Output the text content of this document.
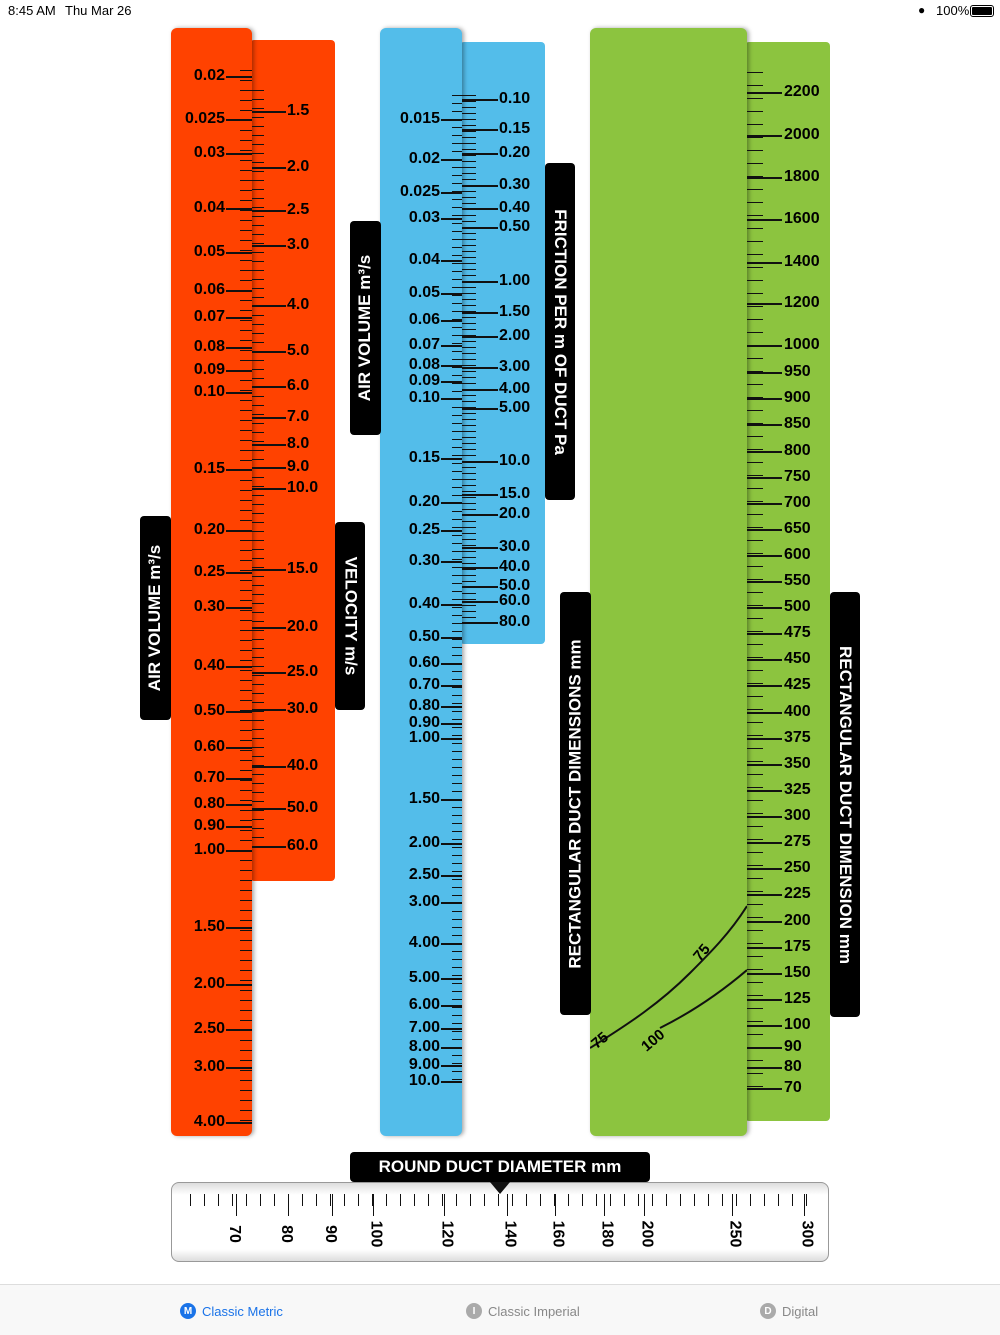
8:45 AM Thu Mar 26	● 100%
75
75
100
AIR VOLUME m³/s	VELOCITY m/s
AIR VOLUME m³/s	FRICTION PER m OF DUCT Pa
RECTANGULAR DUCT DIMENSIONS mm	RECTANGULAR DUCT DIMENSION mm
ROUND DUCT DIAMETER mm
0.02
0.025
0.03
0.04
0.05
0.06
0.07
0.08
0.09
0.10
0.15
0.20
0.25
0.30
0.40
0.50
0.60
0.70
0.80
0.90
1.00
1.50
2.00
2.50
3.00
4.00
1.5
2.0
2.5
3.0
4.0
5.0
6.0
7.0
8.0
9.0
10.0
15.0
20.0
25.0
30.0
40.0
50.0
60.0
0.015
0.02
0.025
0.03
0.04
0.05
0.06
0.07
0.08
0.09
0.10
0.15
0.20
0.25
0.30
0.40
0.50
0.60
0.70
0.80
0.90
1.00
1.50
2.00
2.50
3.00
4.00
5.00
6.00
7.00
8.00
9.00
10.0
0.10
0.15
0.20
0.30
0.40
0.50
1.00
1.50
2.00
3.00
4.00
5.00
10.0
15.0
20.0
30.0
40.0
50.0
60.0
80.0
2200
2000
1800
1600
1400
1200
1000
950
900
850
800
750
700
650
600
550
500
475
450
425
400
375
350
325
300
275
250
225
200
175
150
125
100
90
80
70
70 80 90 100	120	140 160 180 200	250	300
M Classic Metric	I Classic Imperial	D Digital
